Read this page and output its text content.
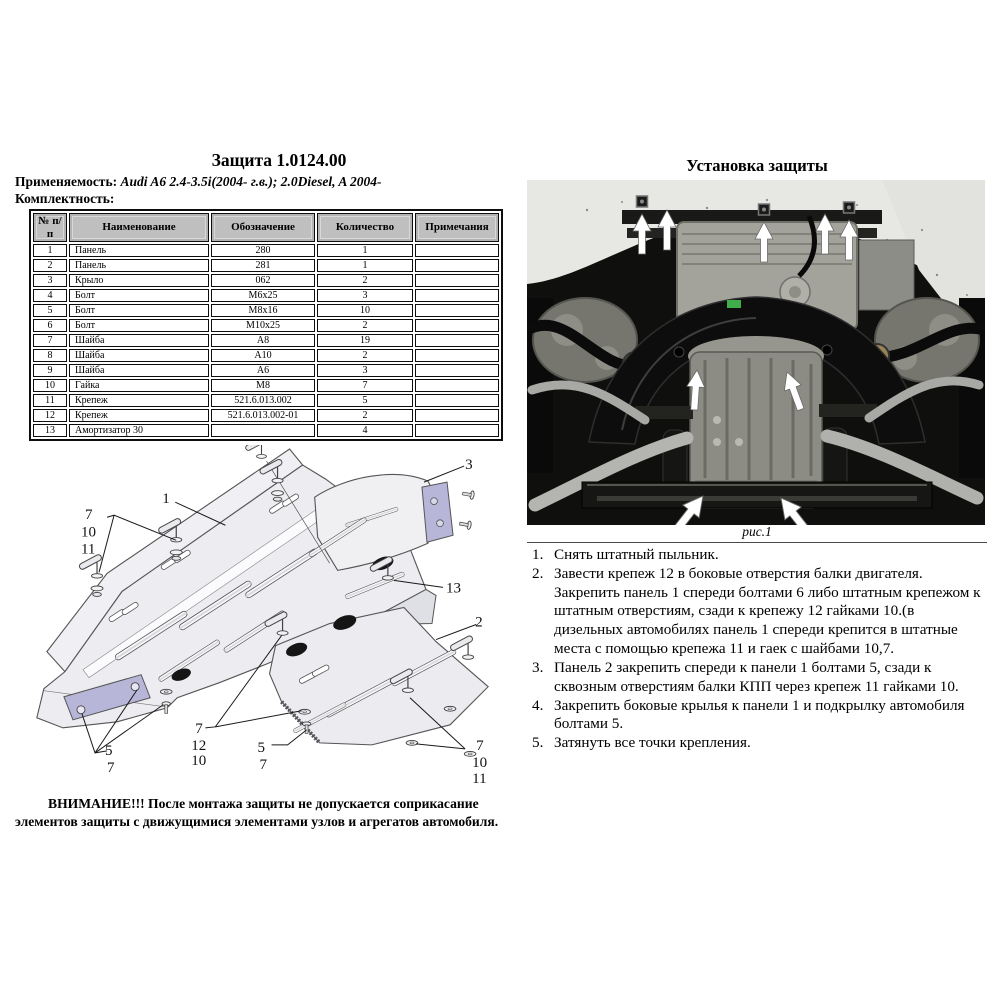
Защита 1.0124.00

Применяемость: Audi A6 2.4-3.5i(2004- г.в.); 2.0Diesel, A 2004-

Комплектность:

№ п/п	Наименование	Обозначение	Количество	Примечания
1	Панель	280	1	
2	Панель	281	1	
3	Крыло	062	2	
4	Болт	М6х25	3	
5	Болт	М8х16	10	
6	Болт	М10х25	2	
7	Шайба	А8	19	
8	Шайба	А10	2	
9	Шайба	А6	3	
10	Гайка	М8	7	
11	Крепеж	521.6.013.002	5	
12	Крепеж	521.6.013.002-01	2	
13	Амортизатор 30		4	
3
1
7
10
11
13
2
5
7
7
12
10
5
7
7
10
11

ВНИМАНИЕ!!! После монтажа защиты не допускается соприкасание элементов защиты с движущимися элементами узлов и агрегатов автомобиля.

Установка защиты

рис.1

Снять штатный пыльник.
Завести крепеж 12 в боковые отверстия балки двигателя. Закрепить панель 1 спереди болтами 6 либо штатным крепежом к штатным отверстиям, сзади к крепежу 12 гайками 10.(в дизельных автомобилях панель 1 спереди крепится в штатные места с помощью крепежа 11 и гаек с шайбами 10,7.
Панель 2 закрепить спереди к панели 1 болтами 5, сзади к сквозным отверстиям балки КПП через крепеж 11 гайками 10.
Закрепить боковые крылья к панели 1 и подкрылку автомобиля болтами 5.
Затянуть все точки крепления.
